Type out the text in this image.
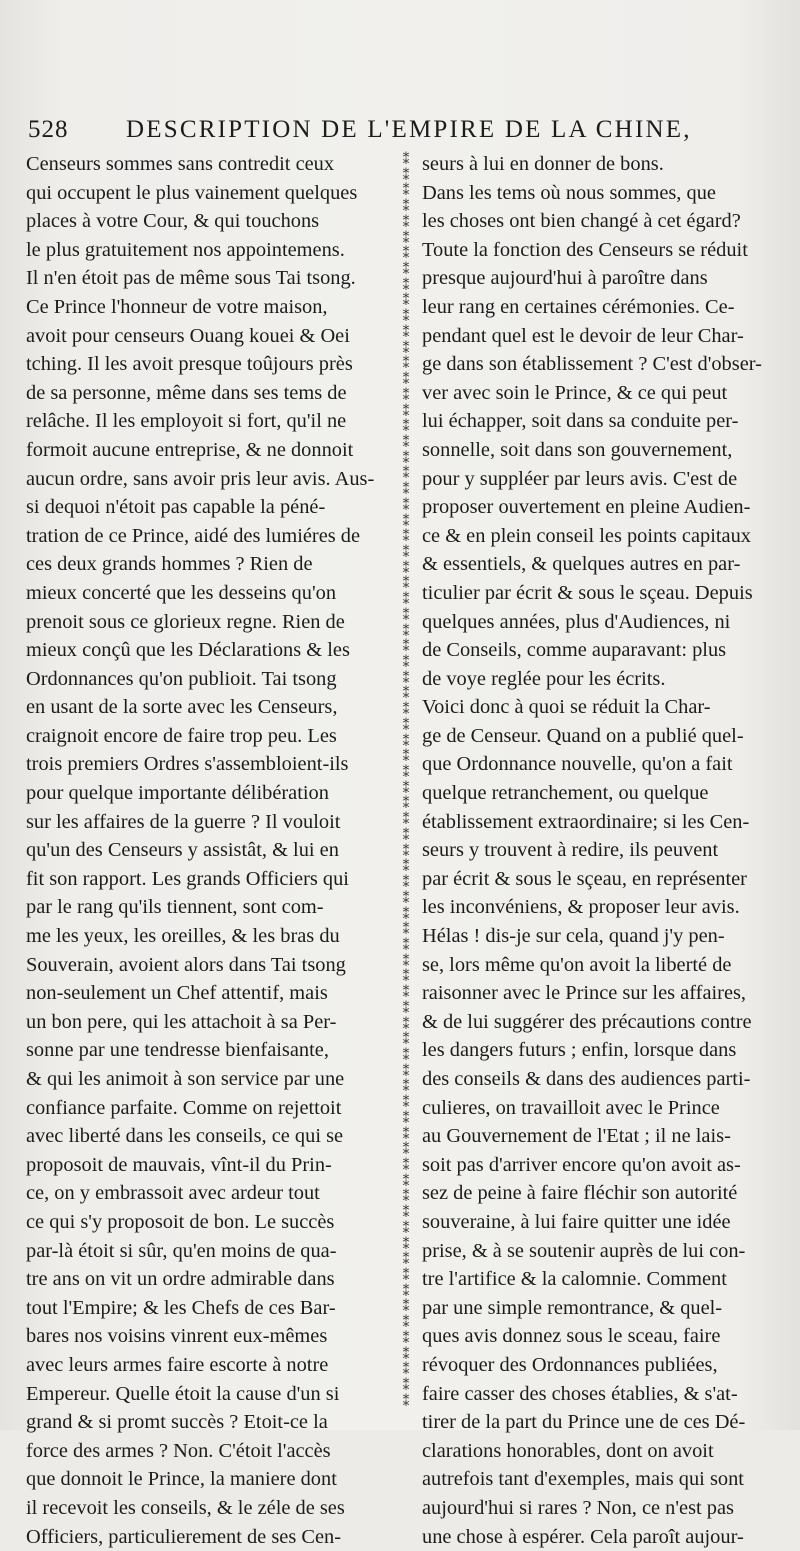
528 DESCRIPTION DE L'EMPIRE DE LA CHINE,
Censeurs sommes sans contredit ceux
qui occupent le plus vainement quelques
places à votre Cour, & qui touchons
le plus gratuitement nos appointemens.
Il n'en étoit pas de même sous Tai tsong.
Ce Prince l'honneur de votre maison,
avoit pour censeurs Ouang kouei & Oei
tching. Il les avoit presque toûjours près
de sa personne, même dans ses tems de
relâche. Il les employoit si fort, qu'il ne
formoit aucune entreprise, & ne donnoit
aucun ordre, sans avoir pris leur avis. Aus-
si dequoi n'étoit pas capable la péné-
tration de ce Prince, aidé des lumiéres de
ces deux grands hommes ? Rien de
mieux concerté que les desseins qu'on
prenoit sous ce glorieux regne. Rien de
mieux conçû que les Déclarations & les
Ordonnances qu'on publioit. Tai tsong
en usant de la sorte avec les Censeurs,
craignoit encore de faire trop peu. Les
trois premiers Ordres s'assembloient-ils
pour quelque importante délibération
sur les affaires de la guerre ? Il vouloit
qu'un des Censeurs y assistât, & lui en
fit son rapport. Les grands Officiers qui
par le rang qu'ils tiennent, sont com-
me les yeux, les oreilles, & les bras du
Souverain, avoient alors dans Tai tsong
non-seulement un Chef attentif, mais
un bon pere, qui les attachoit à sa Per-
sonne par une tendresse bienfaisante,
& qui les animoit à son service par une
confiance parfaite. Comme on rejettoit
avec liberté dans les conseils, ce qui se
proposoit de mauvais, vînt-il du Prin-
ce, on y embrassoit avec ardeur tout
ce qui s'y proposoit de bon. Le succès
par-là étoit si sûr, qu'en moins de qua-
tre ans on vit un ordre admirable dans
tout l'Empire; & les Chefs de ces Bar-
bares nos voisins vinrent eux-mêmes
avec leurs armes faire escorte à notre
Empereur. Quelle étoit la cause d'un si
grand & si promt succès ? Etoit-ce la
force des armes ? Non. C'étoit l'accès
que donnoit le Prince, la maniere dont
il recevoit les conseils, & le zéle de ses
Officiers, particulierement de ses Cen-
⁑
⁑
⁑
⁑
⁑
⁑
⁑
⁑
⁑
⁑
⁑
⁑
⁑
⁑
⁑
⁑
⁑
⁑
⁑
⁑
⁑
⁑
⁑
⁑
⁑
⁑
⁑
⁑
⁑
⁑
⁑
⁑
⁑
⁑
⁑
⁑
⁑
⁑
⁑
⁑
⁑
⁑
⁑
⁑
⁑
⁑
⁑
⁑
⁑
⁑
⁑
⁑
⁑
⁑
⁑
⁑
⁑
⁑
⁑
⁑
⁑
⁑
⁑
⁑
⁑
⁑
⁑
⁑
⁑
⁑
⁑
⁑
⁑
⁑
⁑
⁑
⁑
⁑
⁑
⁑
seurs à lui en donner de bons.
Dans les tems où nous sommes, que
les choses ont bien changé à cet égard?
Toute la fonction des Censeurs se réduit
presque aujourd'hui à paroître dans
leur rang en certaines cérémonies. Ce-
pendant quel est le devoir de leur Char-
ge dans son établissement ? C'est d'obser-
ver avec soin le Prince, & ce qui peut
lui échapper, soit dans sa conduite per-
sonnelle, soit dans son gouvernement,
pour y suppléer par leurs avis. C'est de
proposer ouvertement en pleine Audien-
ce & en plein conseil les points capitaux
& essentiels, & quelques autres en par-
ticulier par écrit & sous le sçeau. Depuis
quelques années, plus d'Audiences, ni
de Conseils, comme auparavant: plus
de voye reglée pour les écrits.
Voici donc à quoi se réduit la Char-
ge de Censeur. Quand on a publié quel-
que Ordonnance nouvelle, qu'on a fait
quelque retranchement, ou quelque
établissement extraordinaire; si les Cen-
seurs y trouvent à redire, ils peuvent
par écrit & sous le sçeau, en représenter
les inconvéniens, & proposer leur avis.
Hélas ! dis-je sur cela, quand j'y pen-
se, lors même qu'on avoit la liberté de
raisonner avec le Prince sur les affaires,
& de lui suggérer des précautions contre
les dangers futurs ; enfin, lorsque dans
des conseils & dans des audiences parti-
culieres, on travailloit avec le Prince
au Gouvernement de l'Etat ; il ne lais-
soit pas d'arriver encore qu'on avoit as-
sez de peine à faire fléchir son autorité
souveraine, à lui faire quitter une idée
prise, & à se soutenir auprès de lui con-
tre l'artifice & la calomnie. Comment
par une simple remontrance, & quel-
ques avis donnez sous le sceau, faire
révoquer des Ordonnances publiées,
faire casser des choses établies, & s'at-
tirer de la part du Prince une de ces Dé-
clarations honorables, dont on avoit
autrefois tant d'exemples, mais qui sont
aujourd'hui si rares ? Non, ce n'est pas
une chose à espérer. Cela paroît aujour-
